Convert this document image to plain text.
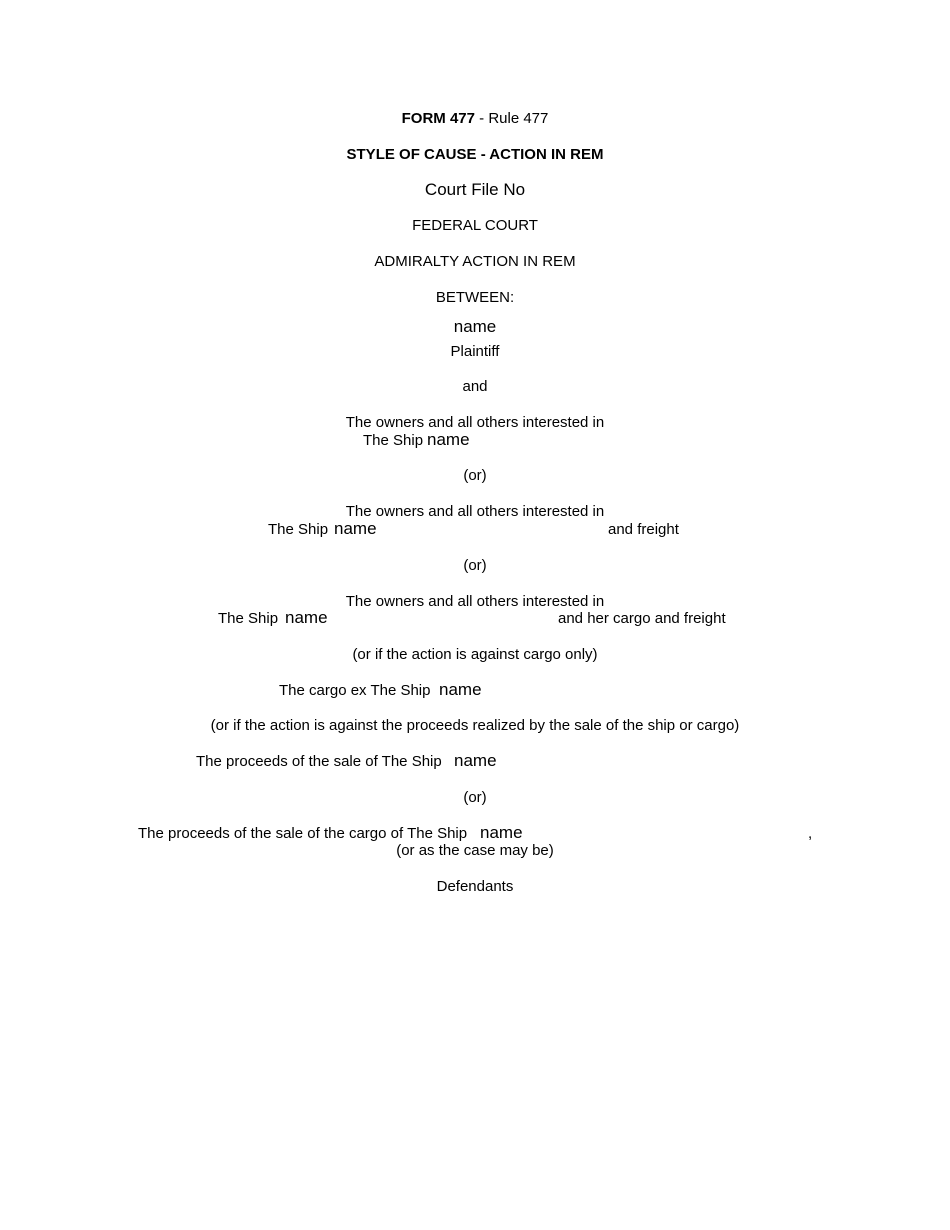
FORM 477 - Rule 477
STYLE OF CAUSE - ACTION IN REM
Court File No
FEDERAL COURT
ADMIRALTY ACTION IN REM
BETWEEN:
name
Plaintiff
and
The owners and all others interested in
The Ship name
(or)
The owners and all others interested in
The Ship name	and freight
(or)
The owners and all others interested in
The Ship name	and her cargo and freight
(or if the action is against cargo only)
The cargo ex The Ship name
(or if the action is against the proceeds realized by the sale of the ship or cargo)
The proceeds of the sale of The Ship name
(or)
The proceeds of the sale of the cargo of The Ship name	,
(or as the case may be)
Defendants
